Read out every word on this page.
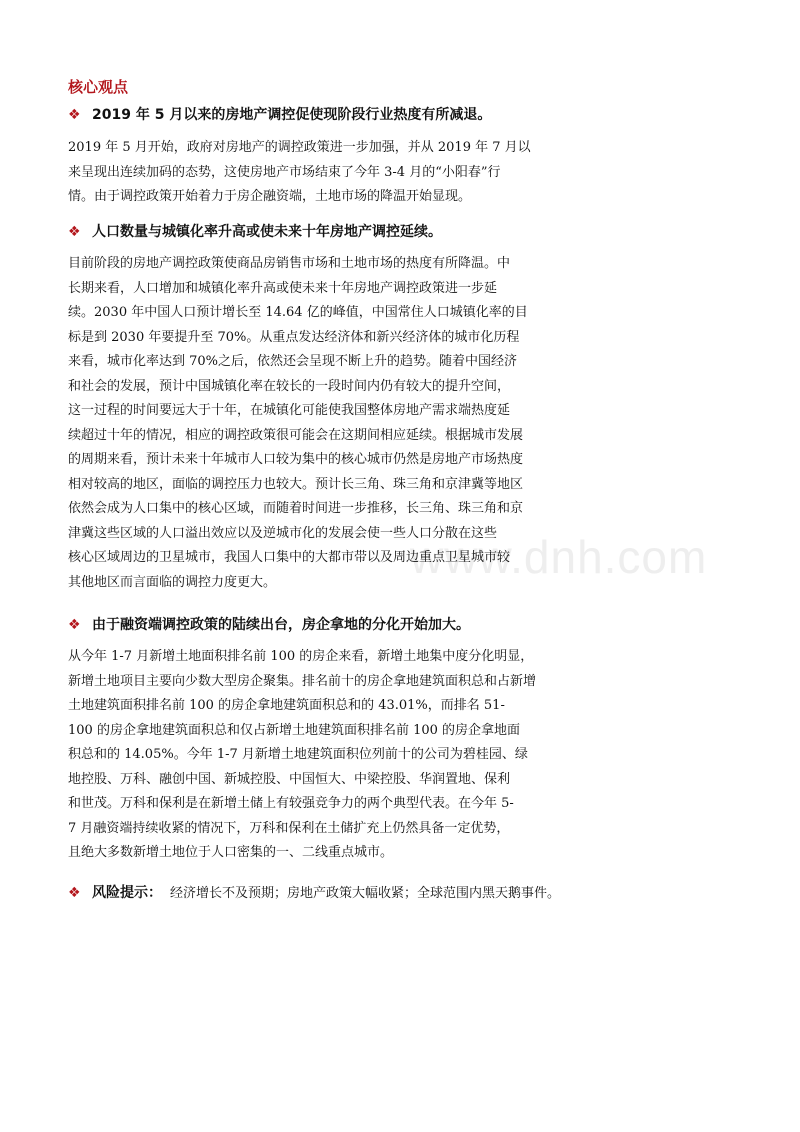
www.dnh.com
核心观点
❖ 2019 年 5 月以来的房地产调控促使现阶段行业热度有所减退。
2019 年 5 月开始，政府对房地产的调控政策进一步加强，并从 2019 年 7 月以
来呈现出连续加码的态势，这使房地产市场结束了今年 3-4 月的“小阳春”行
情。由于调控政策开始着力于房企融资端，土地市场的降温开始显现。
❖ 人口数量与城镇化率升高或使未来十年房地产调控延续。
目前阶段的房地产调控政策使商品房销售市场和土地市场的热度有所降温。中
长期来看，人口增加和城镇化率升高或使未来十年房地产调控政策进一步延
续。2030 年中国人口预计增长至 14.64 亿的峰值，中国常住人口城镇化率的目
标是到 2030 年要提升至 70%。从重点发达经济体和新兴经济体的城市化历程
来看，城市化率达到 70%之后，依然还会呈现不断上升的趋势。随着中国经济
和社会的发展，预计中国城镇化率在较长的一段时间内仍有较大的提升空间，
这一过程的时间要远大于十年，在城镇化可能使我国整体房地产需求端热度延
续超过十年的情况，相应的调控政策很可能会在这期间相应延续。根据城市发展
的周期来看，预计未来十年城市人口较为集中的核心城市仍然是房地产市场热度
相对较高的地区，面临的调控压力也较大。预计长三角、珠三角和京津冀等地区
依然会成为人口集中的核心区域，而随着时间进一步推移，长三角、珠三角和京
津冀这些区域的人口溢出效应以及逆城市化的发展会使一些人口分散在这些
核心区域周边的卫星城市，我国人口集中的大都市带以及周边重点卫星城市较
其他地区而言面临的调控力度更大。
❖ 由于融资端调控政策的陆续出台，房企拿地的分化开始加大。
从今年 1-7 月新增土地面积排名前 100 的房企来看，新增土地集中度分化明显，
新增土地项目主要向少数大型房企聚集。排名前十的房企拿地建筑面积总和占新增
土地建筑面积排名前 100 的房企拿地建筑面积总和的 43.01%，而排名 51-
100 的房企拿地建筑面积总和仅占新增土地建筑面积排名前 100 的房企拿地面
积总和的 14.05%。今年 1-7 月新增土地建筑面积位列前十的公司为碧桂园、绿
地控股、万科、融创中国、新城控股、中国恒大、中梁控股、华润置地、保利
和世茂。万科和保利是在新增土储上有较强竞争力的两个典型代表。在今年 5-
7 月融资端持续收紧的情况下，万科和保利在土储扩充上仍然具备一定优势，
且绝大多数新增土地位于人口密集的一、二线重点城市。
❖ 风险提示： 经济增长不及预期；房地产政策大幅收紧；全球范围内黑天鹅事件。
